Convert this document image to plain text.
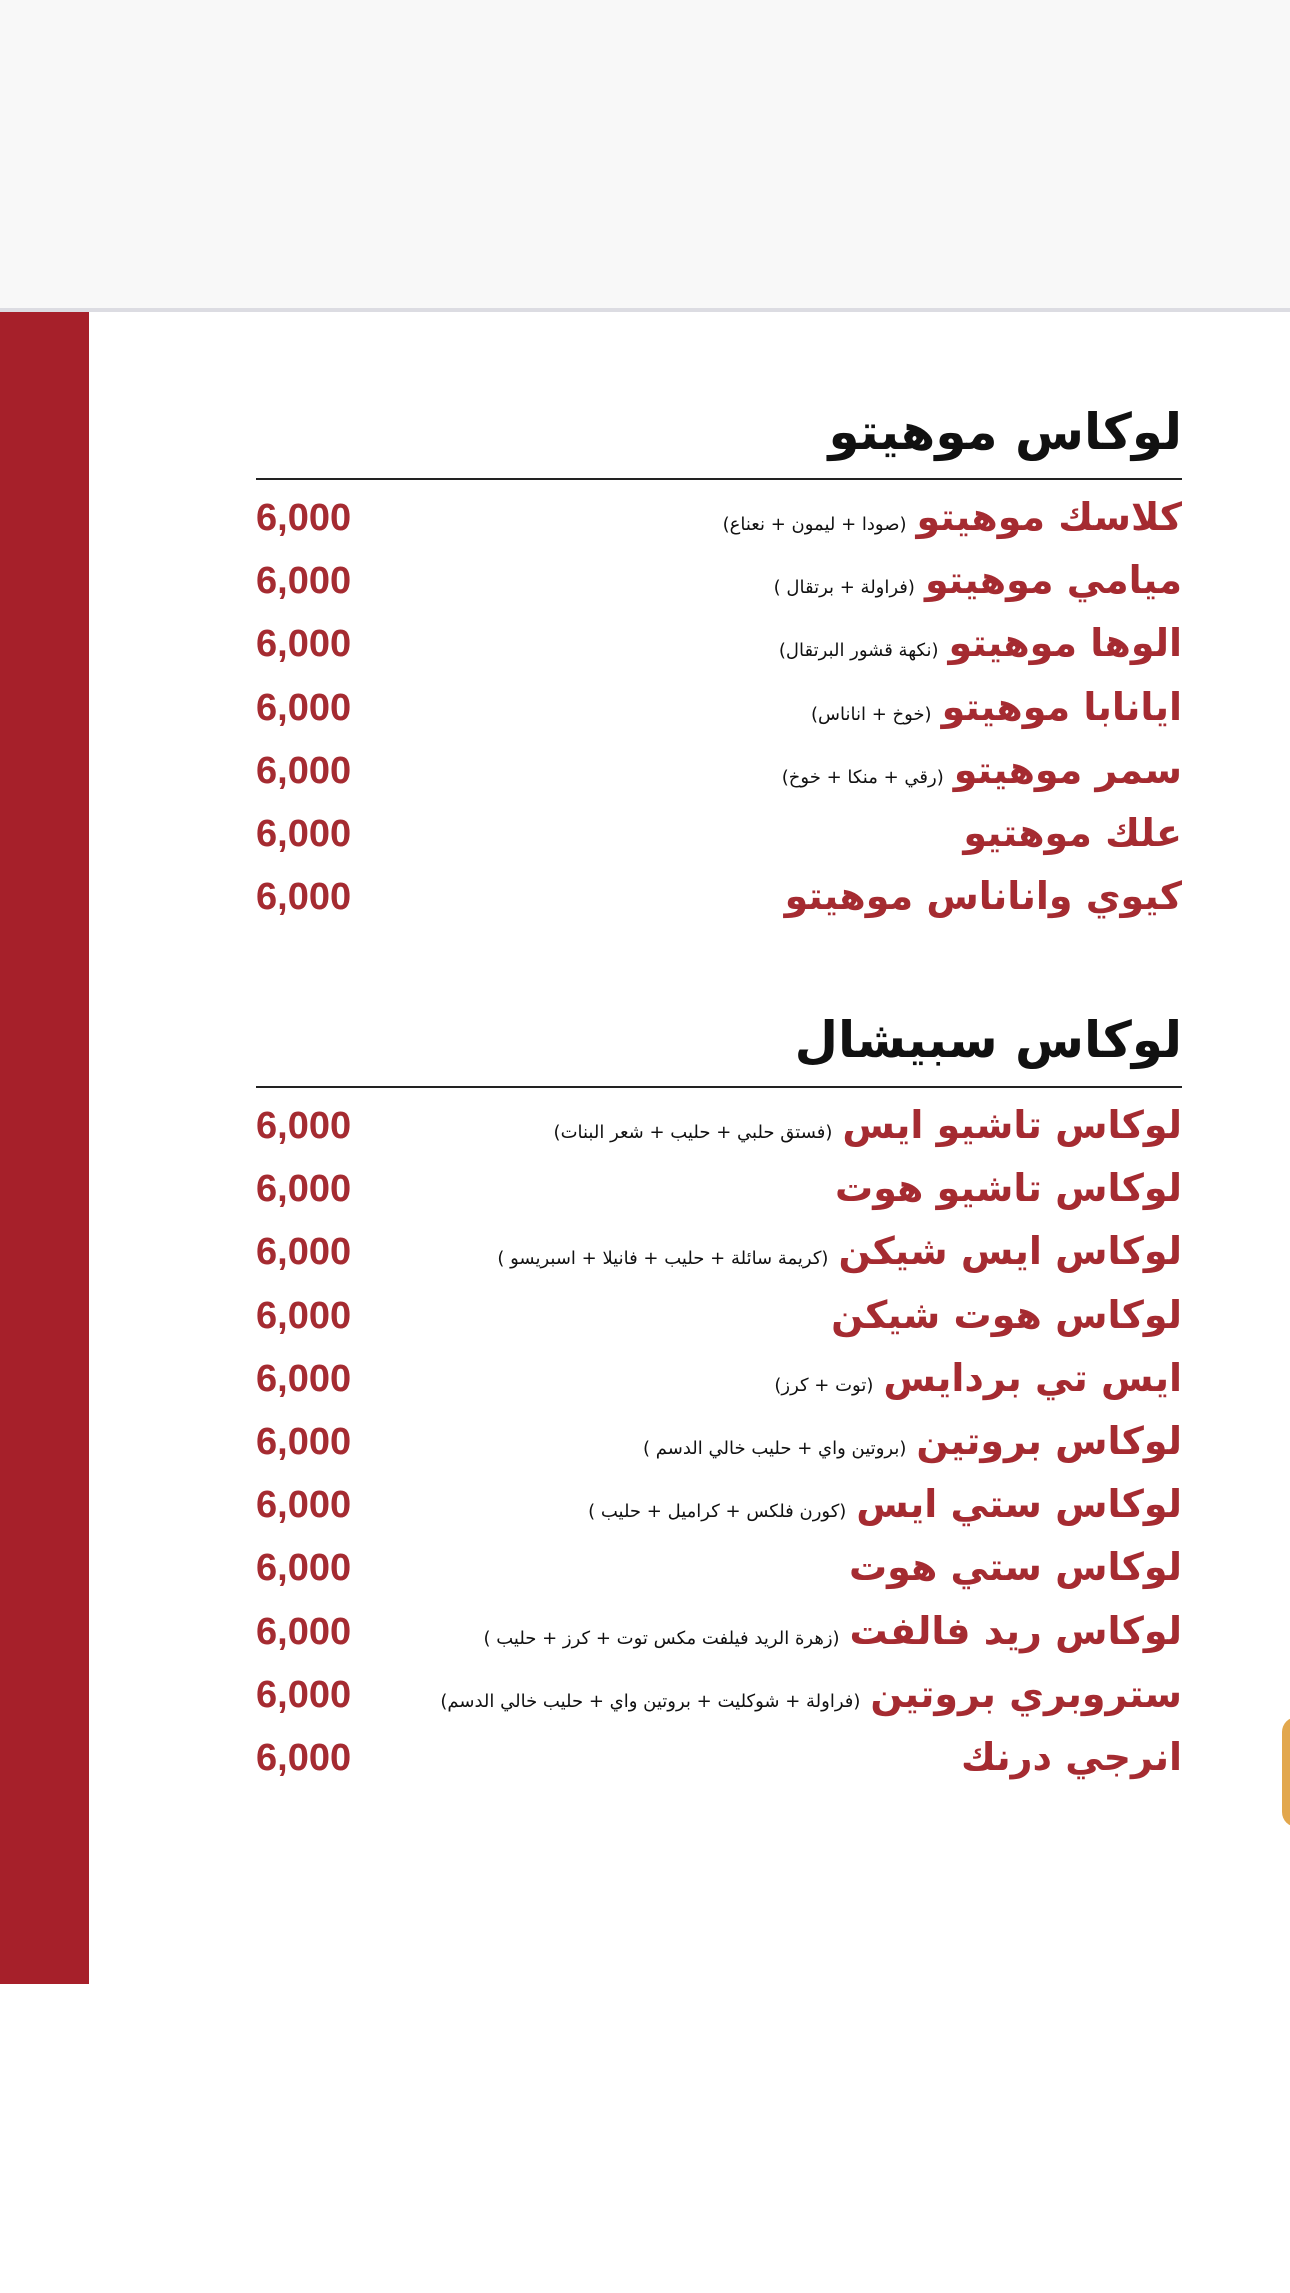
لوكاس موهيتو
كلاسك موهيتو(صودا + ليمون + نعناع)
6,000
ميامي موهيتو(فراولة + برتقال )
6,000
الوها موهيتو(نكهة قشور البرتقال)
6,000
ايانابا موهيتو(خوخ + اناناس)
6,000
سمر موهيتو(رقي + منكا + خوخ)
6,000
علك موهتيو
6,000
كيوي واناناس موهيتو
6,000
لوكاس سبيشال
لوكاس تاشيو ايس(فستق حلبي + حليب + شعر البنات)
6,000
لوكاس تاشيو هوت
6,000
لوكاس ايس شيكن(كريمة سائلة + حليب + فانيلا + اسبريسو )
6,000
لوكاس هوت شيكن
6,000
ايس تي بردايس(توت + كرز)
6,000
لوكاس بروتين(بروتين واي + حليب خالي الدسم )
6,000
لوكاس ستي ايس(كورن فلكس + كراميل + حليب )
6,000
لوكاس ستي هوت
6,000
لوكاس ريد فالفت(زهرة الريد فيلفت مكس توت + كرز + حليب )
6,000
ستروبري بروتين(فراولة + شوكليت + بروتين واي + حليب خالي الدسم)
6,000
انرجي درنك
6,000
